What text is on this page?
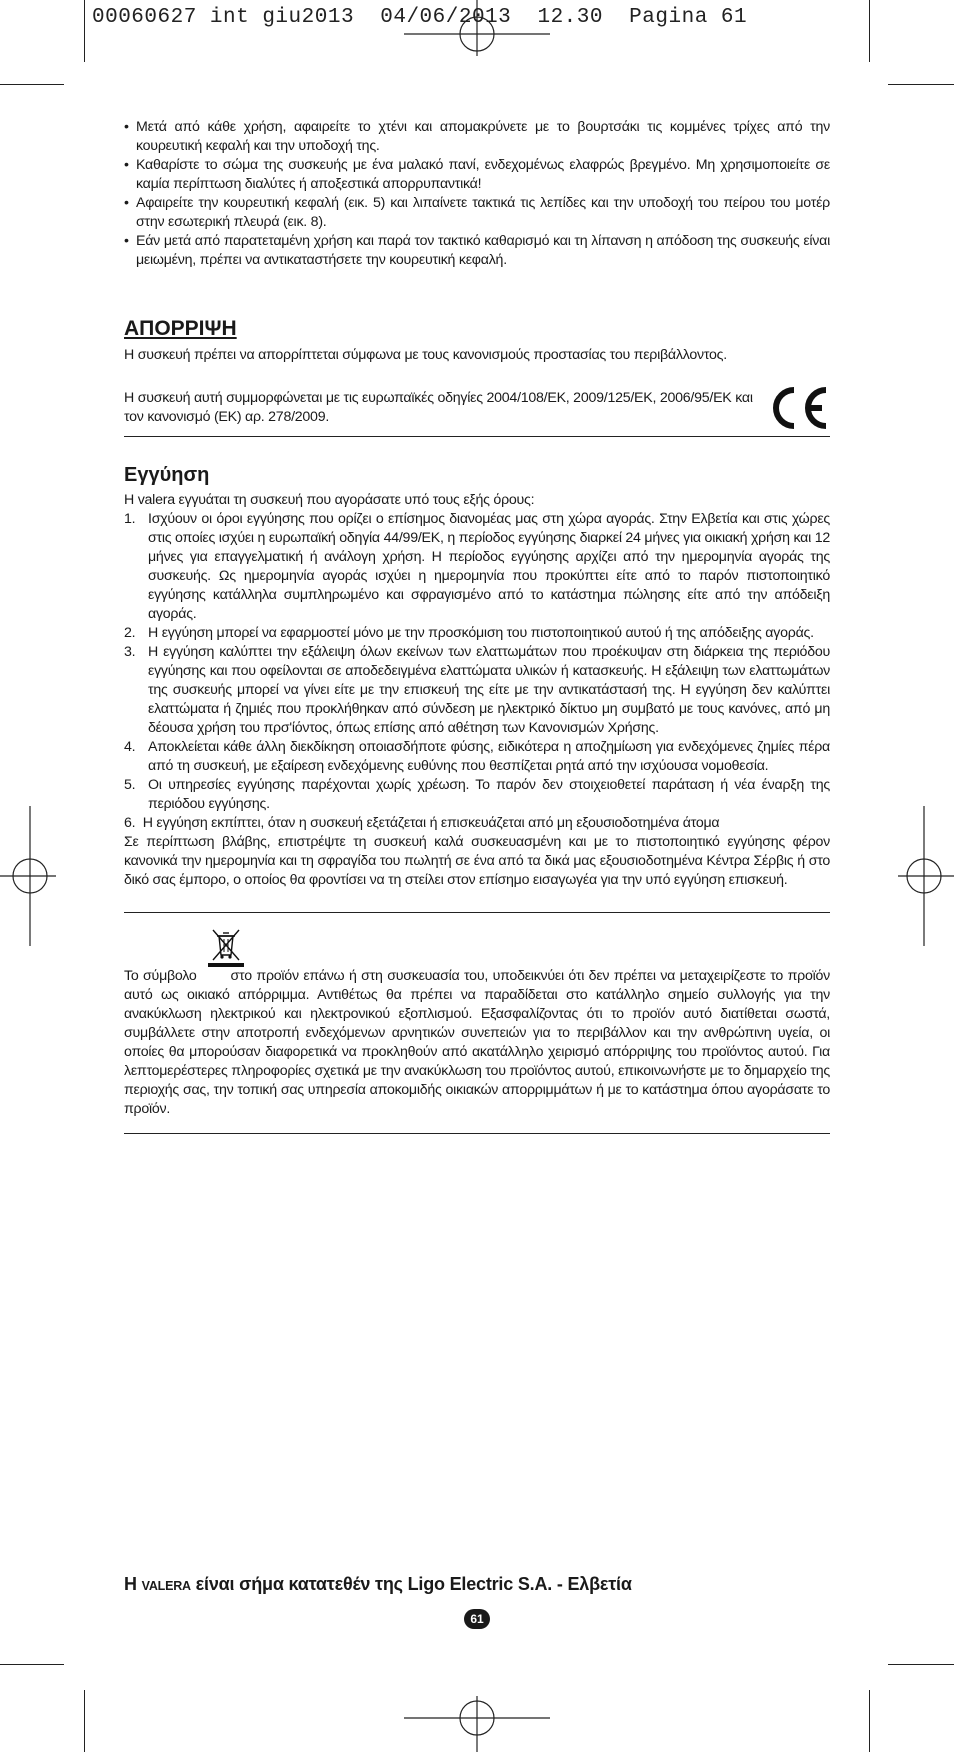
00060627 int giu2013  04/06/2013  12.30  Pagina 61
• Μετά από κάθε χρήση, αφαιρείτε το χτένι και απομακρύνετε με το βουρτσάκι τις κομμένες τρίχες από την κουρευτική κεφαλή και την υποδοχή της.
• Καθαρίστε το σώμα της συσκευής με ένα μαλακό πανί, ενδεχομένως ελαφρώς βρεγμένο. Μη χρησιμοποιείτε σε καμία περίπτωση διαλύτες ή αποξεστικά απορρυπαντικά!
• Αφαιρείτε την κουρευτική κεφαλή (εικ. 5) και λιπαίνετε τακτικά τις λεπίδες και την υποδοχή του πείρου του μοτέρ στην εσωτερική πλευρά (εικ. 8).
• Εάν μετά από παρατεταμένη χρήση και παρά τον τακτικό καθαρισμό και τη λίπανση η απόδοση της συσκευής είναι μειωμένη, πρέπει να αντικαταστήσετε την κουρευτική κεφαλή.
ΑΠΟΡΡΙΨΗ

Η συσκευή πρέπει να απορρίπτεται σύμφωνα με τους κανονισμούς προστασίας του περιβάλλοντος.

Η συσκευή αυτή συμμορφώνεται με τις ευρωπαϊκές οδηγίες 2004/108/ΕΚ, 2009/125/ΕΚ, 2006/95/ΕΚ και τον κανονισμό (ΕΚ) αρ. 278/2009.

Εγγύηση

Η valera εγγυάται τη συσκευή που αγοράσατε υπό τους εξής όρους:

1. Ισχύουν οι όροι εγγύησης που ορίζει ο επίσημος διανομέας μας στη χώρα αγοράς. Στην Ελβετία και στις χώρες στις οποίες ισχύει η ευρωπαϊκή οδηγία 44/99/ΕΚ, η περίοδος εγγύησης διαρκεί 24 μήνες για οικιακή χρήση και 12 μήνες για επαγγελματική ή ανάλογη χρήση. Η περίοδος εγγύησης αρχίζει από την ημερομηνία αγοράς της συσκευής. Ως ημερομηνία αγοράς ισχύει η ημερομηνία που προκύπτει είτε από το παρόν πιστοποιητικό εγγύησης κατάλληλα συμπληρωμένο και σφραγισμένο από το κατάστημα πώλησης είτε από την απόδειξη αγοράς.
2. Η εγγύηση μπορεί να εφαρμοστεί μόνο με την προσκόμιση του πιστοποιητικού αυτού ή της απόδειξης αγοράς.
3. Η εγγύηση καλύπτει την εξάλειψη όλων εκείνων των ελαττωμάτων που προέκυψαν στη διάρκεια της περιόδου εγγύησης και που οφείλονται σε αποδεδειγμένα ελαττώματα υλικών ή κατασκευής. Η εξάλειψη των ελαττωμάτων της συσκευής μπορεί να γίνει είτε με την επισκευή της είτε με την αντικατάστασή της. Η εγγύηση δεν καλύπτει ελαττώματα ή ζημιές που προκλήθηκαν από σύνδεση με ηλεκτρικό δίκτυο μη συμβατό με τους κανόνες, από μη δέουσα χρήση του πρσ'ίόντος, όπως επίσης από αθέτηση των Κανονισμών Χρήσης.
4. Αποκλείεται κάθε άλλη διεκδίκηση οποιασδήποτε φύσης, ειδικότερα η αποζημίωση για ενδεχόμενες ζημίες πέρα από τη συσκευή, με εξαίρεση ενδεχόμενης ευθύνης που θεσπίζεται ρητά από την ισχύουσα νομοθεσία.
5. Οι υπηρεσίες εγγύησης παρέχονται χωρίς χρέωση. Το παρόν δεν στοιχειοθετεί παράταση ή νέα έναρξη της περιόδου εγγύησης.

6.  Η εγγύηση εκπίπτει, όταν η συσκευή εξετάζεται ή επισκευάζεται από μη εξουσιοδοτημένα άτομα

Σε περίπτωση βλάβης, επιστρέψτε τη συσκευή καλά συσκευασμένη και με το πιστοποιητικό εγγύησης φέρον κανονικά την ημερομηνία και τη σφραγίδα του πωλητή σε ένα από τα δικά μας εξουσιοδοτημένα Κέντρα Σέρβις ή στο δικό σας έμπορο, ο οποίος θα φροντίσει να τη στείλει στον επίσημο εισαγωγέα για την υπό εγγύηση επισκευή.

Το σύμβολο στο προϊόν επάνω ή στη συσκευασία του, υποδεικνύει ότι δεν πρέπει να μεταχειρίζεστε το προϊόν αυτό ως οικιακό απόρριμμα. Αντιθέτως θα πρέπει να παραδίδεται στο κατάλληλο σημείο συλλογής για την ανακύκλωση ηλεκτρικού και ηλεκτρονικού εξοπλισμού. Εξασφαλίζοντας ότι το προϊόν αυτό διατίθεται σωστά, συμβάλλετε στην αποτροπή ενδεχόμενων αρνητικών συνεπειών για το περιβάλλον και την ανθρώπινη υγεία, οι οποίες θα μπορούσαν διαφορετικά να προκληθούν από ακατάλληλο χειρισμό απόρριψης του προϊόντος αυτού. Για λεπτομερέστερες πληροφορίες σχετικά με την ανακύκλωση του προϊόντος αυτού, επικοινωνήστε με το δημαρχείο της περιοχής σας, την τοπική σας υπηρεσία αποκομιδής οικιακών απορριμμάτων ή με το κατάστημα όπου αγοράσατε το προϊόν.

Η VALERA είναι σήμα κατατεθέν της Ligo Electric S.A. - Ελβετία
61
